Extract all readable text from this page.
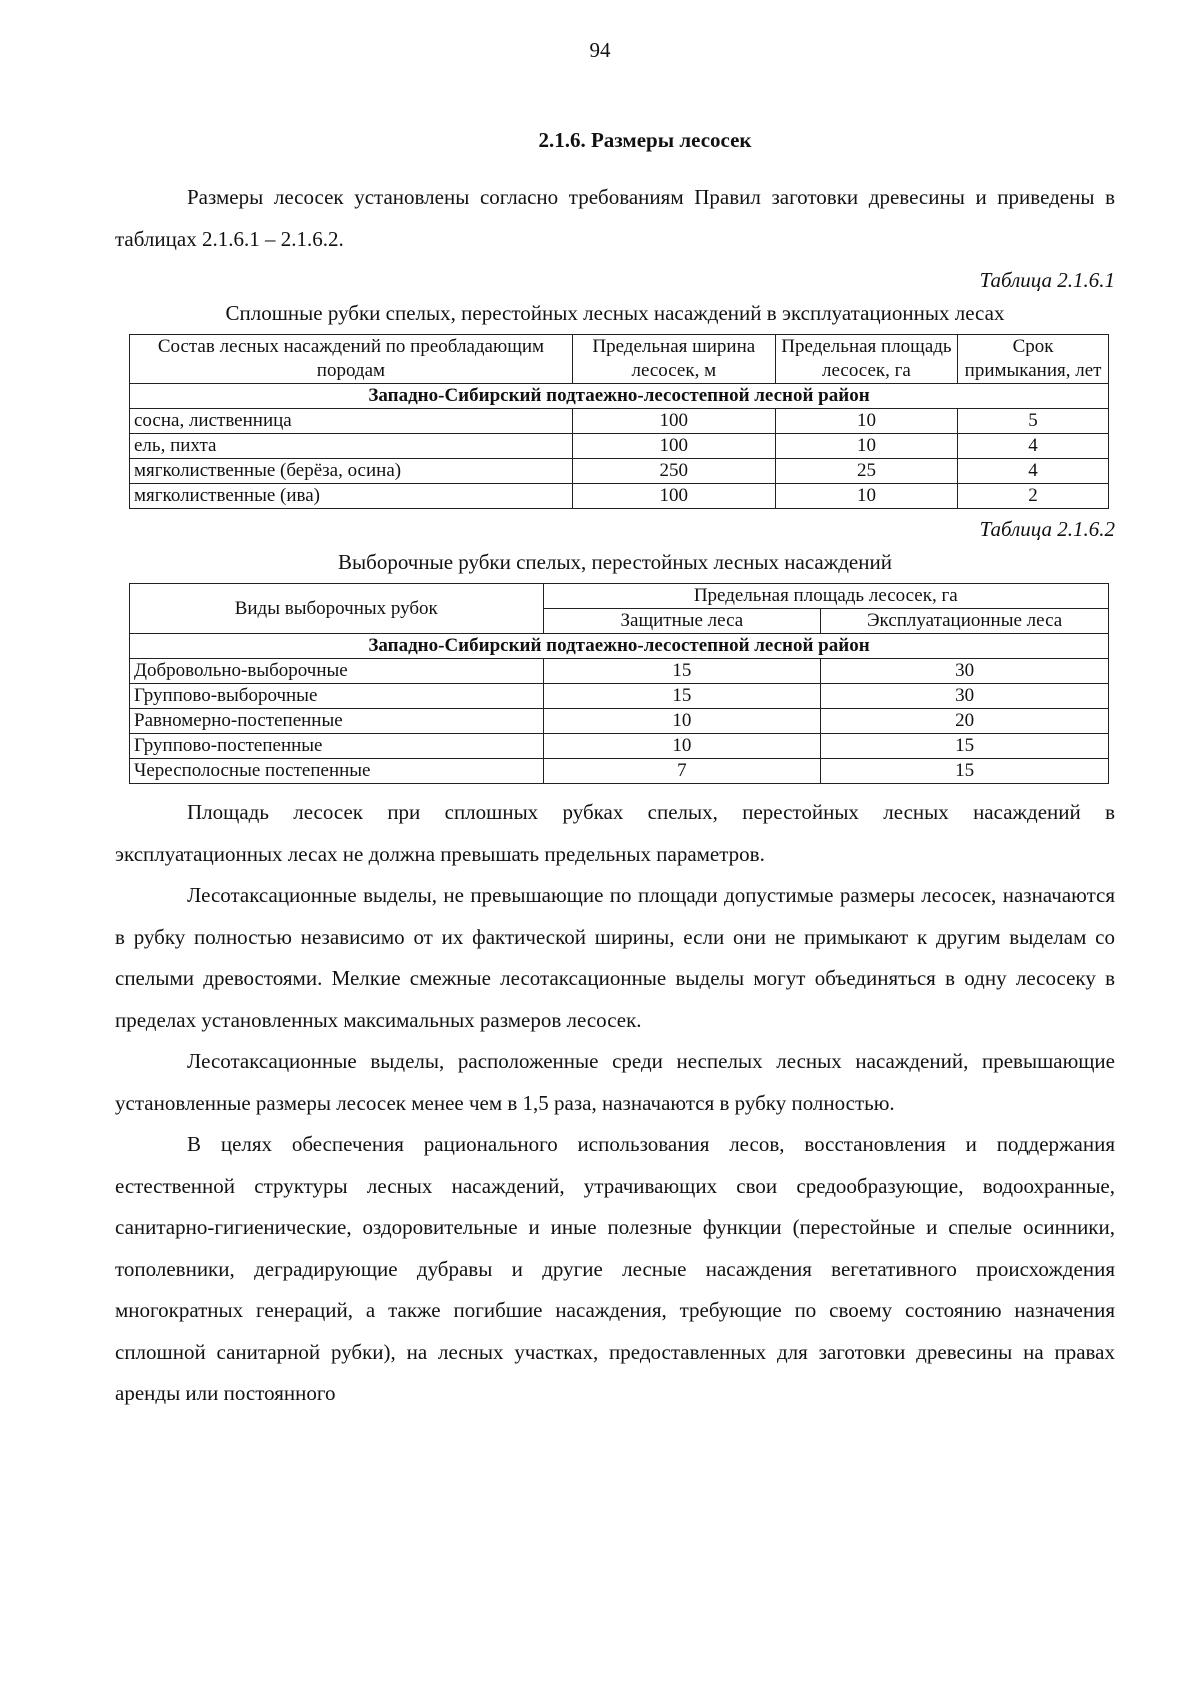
94
2.1.6. Размеры лесосек

Размеры лесосек установлены согласно требованиям Правил заготовки древесины и приведены в таблицах 2.1.6.1 – 2.1.6.2.

Таблица 2.1.6.1
Сплошные рубки спелых, перестойных лесных насаждений в эксплуатационных лесах
Состав лесных насаждений по преобладающим породам	Предельная ширина лесосек, м	Предельная площадь лесосек, га	Срок примыкания, лет
Западно-Сибирский подтаежно-лесостепной лесной район			
сосна, лиственница	100	10	5
ель, пихта	100	10	4
мягколиственные (берёза, осина)	250	25	4
мягколиственные (ива)	100	10	2
Таблица 2.1.6.2
Выборочные рубки спелых, перестойных лесных насаждений
Виды выборочных рубок	Предельная площадь лесосек, га	
	Защитные леса	Эксплуатационные леса
Западно-Сибирский подтаежно-лесостепной лесной район		
Добровольно-выборочные	15	30
Группово-выборочные	15	30
Равномерно-постепенные	10	20
Группово-постепенные	10	15
Чересполосные постепенные	7	15

Площадь лесосек при сплошных рубках спелых, перестойных лесных насаждений в эксплуатационных лесах не должна превышать предельных параметров.

Лесотаксационные выделы, не превышающие по площади допустимые размеры лесосек, назначаются в рубку полностью независимо от их фактической ширины, если они не примыкают к другим выделам со спелыми древостоями. Мелкие смежные лесотаксационные выделы могут объединяться в одну лесосеку в пределах установленных максимальных размеров лесосек.

Лесотаксационные выделы, расположенные среди неспелых лесных насаждений, превышающие установленные размеры лесосек менее чем в 1,5 раза, назначаются в рубку полностью.

В целях обеспечения рационального использования лесов, восстановления и поддержания естественной структуры лесных насаждений, утрачивающих свои средообразующие, водоохранные, санитарно-гигиенические, оздоровительные и иные полезные функции (перестойные и спелые осинники, тополевники, деградирующие дубравы и другие лесные насаждения вегетативного происхождения многократных генераций, а также погибшие насаждения, требующие по своему состоянию назначения сплошной санитарной рубки), на лесных участках, предоставленных для заготовки древесины на правах аренды или постоянного
